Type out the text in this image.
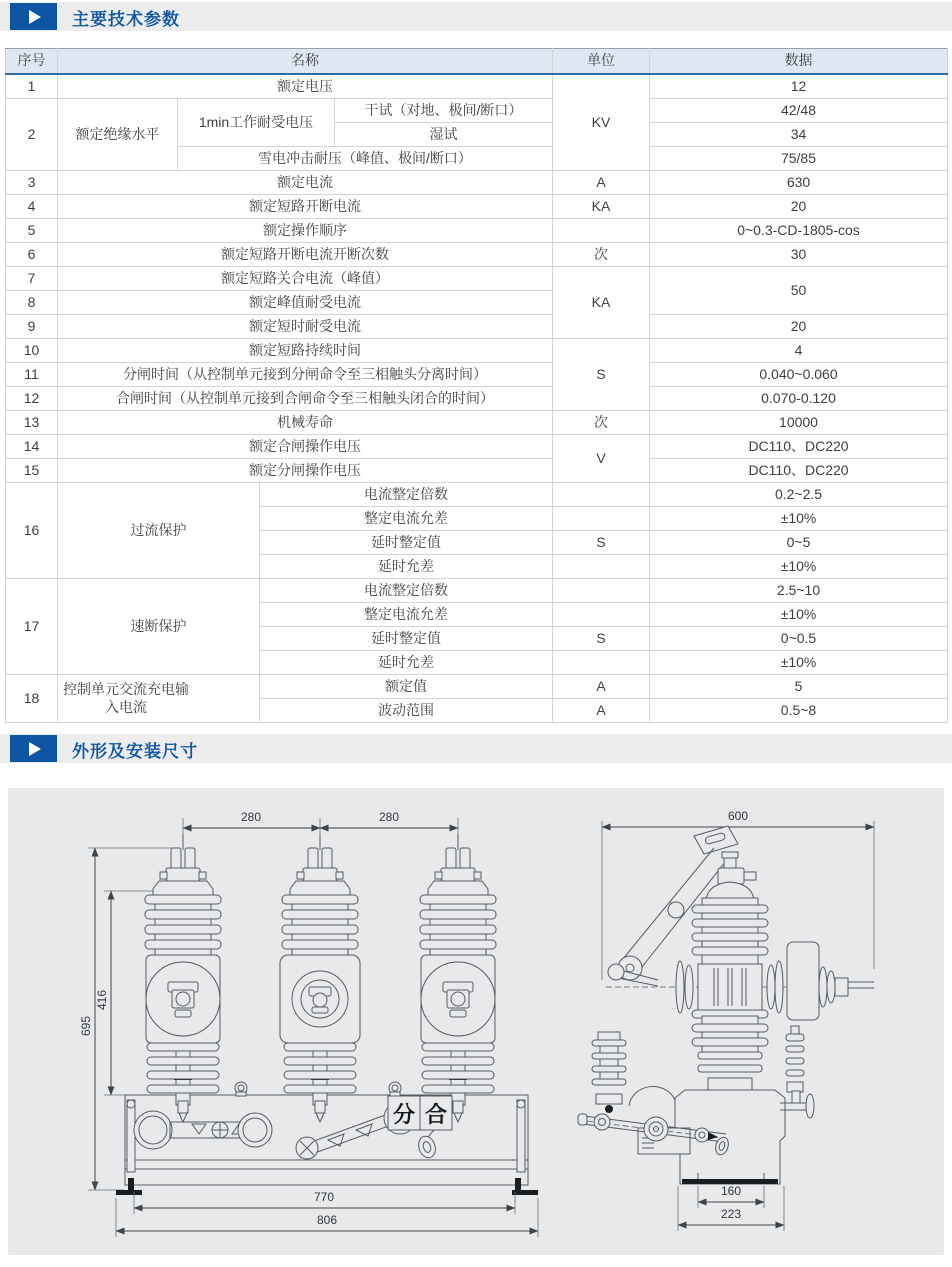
主要技术参数
序号	名称				单位	数据
1	额定电压				KV	12
2	额定绝缘水平	1min工作耐受电压		干试（对地、极间/断口）		42/48
				湿试		34
		雪电冲击耐压（峰值、极间/断口）				75/85
3	额定电流				A	630
4	额定短路开断电流				KA	20
5	额定操作顺序					0~0.3-CD-1805-cos
6	额定短路开断电流开断次数				次	30
7	额定短路关合电流（峰值）				KA	50
8	额定峰值耐受电流					
9	额定短时耐受电流					20
10	额定短路持续时间				S	4
11	分闸时间（从控制单元接到分闸命令至三相触头分离时间）					0.040~0.060
12	合闸时间（从控制单元接到合闸命令至三相触头闭合的时间）					0.070-0.120
13	机械寿命				次	10000
14	额定合闸操作电压				V	DC110、DC220
15	额定分闸操作电压					DC110、DC220
16	过流保护		电流整定倍数			0.2~2.5
			整定电流允差			±10%
			延时整定值		S	0~5
			延时允差			±10%
17	速断保护		电流整定倍数			2.5~10
			整定电流允差			±10%
			延时整定值		S	0~0.5
			延时允差			±10%
18	控制单元交流充电输入电流		额定值		A	5
			波动范围		A	0.5~8
外形及安装尺寸
280	280
695
416
分 合
770
806
600
160
223
